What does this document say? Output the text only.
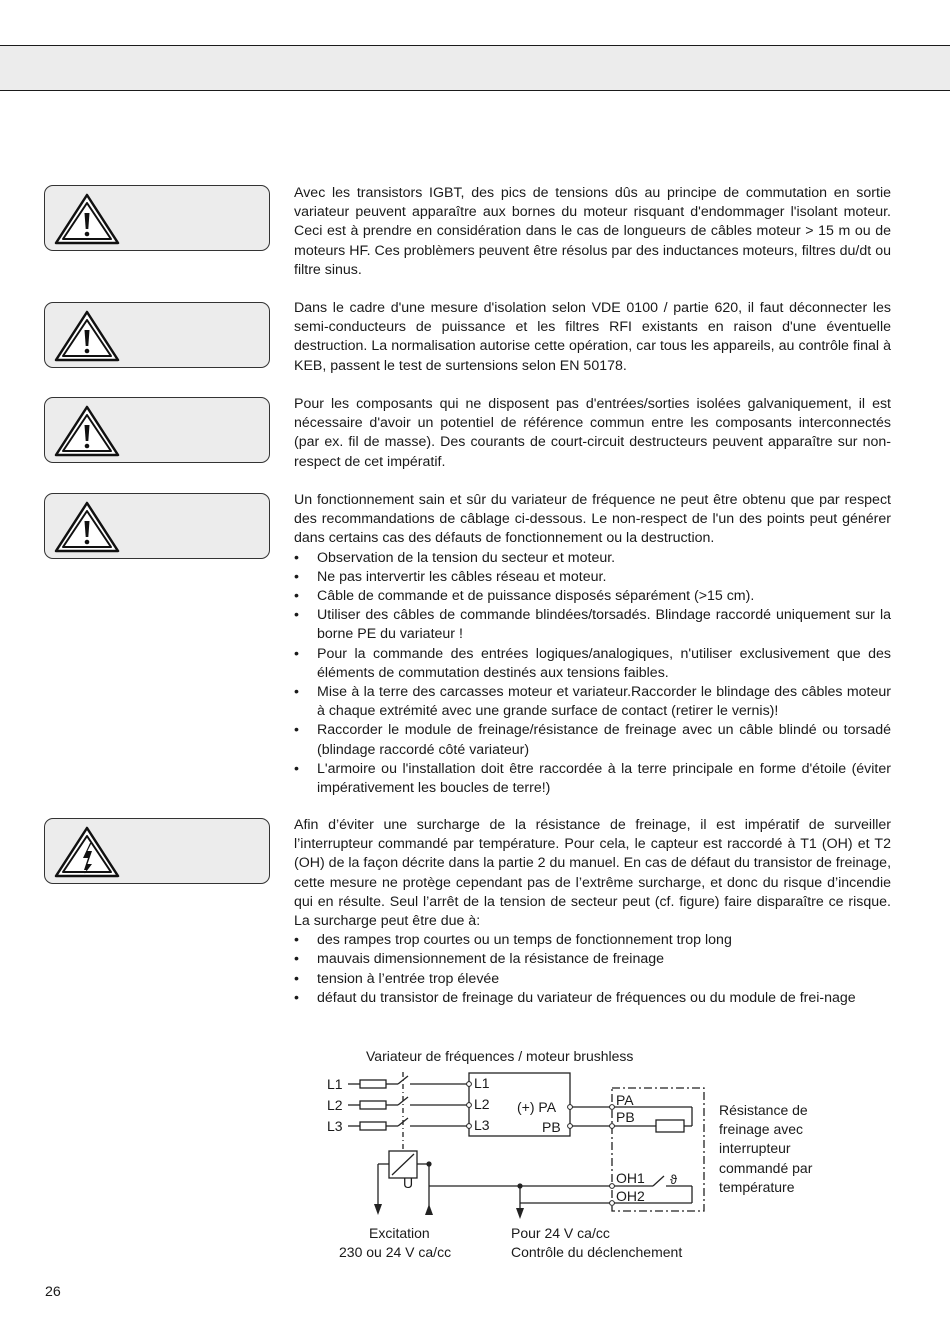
Avec les transistors IGBT, des pics de tensions dûs au principe de commutation en sortie variateur peuvent apparaître aux bornes du moteur risquant d'endommager l'isolant moteur. Ceci est à prendre en considération dans le cas de longueurs de câbles moteur > 15 m ou de moteurs HF. Ces problèmers peuvent être résolus par des inductances moteurs, filtres du/dt ou filtre sinus.

Dans le cadre d'une mesure d'isolation selon VDE 0100 / partie 620, il faut déconnecter les semi-conducteurs de puissance et les filtres RFI existants en raison d'une éventuelle destruction. La normalisation autorise cette opération, car tous les appareils, au contrôle final à KEB, passent le test de surtensions selon EN 50178.

Pour les composants qui ne disposent pas d'entrées/sorties isolées galvaniquement, il est nécessaire d'avoir un potentiel de référence commun entre les composants interconnectés (par ex. fil de masse). Des courants de court-circuit destructeurs peuvent apparaître sur non-respect de cet impératif.

Un fonctionnement sain et sûr du variateur de fréquence ne peut être obtenu que par respect des recommandations de câblage ci-dessous. Le non-respect de l'un des points peut générer dans certains cas des défauts de fonctionnement ou la destruction.

• Observation de la tension du secteur et moteur.
• Ne pas intervertir les câbles réseau et moteur.
• Câble de commande et de puissance disposés séparément (>15 cm).
• Utiliser des câbles de commande blindées/torsadés. Blindage raccordé uniquement sur la borne PE du variateur !
• Pour la commande des entrées logiques/analogiques, n'utiliser exclusivement que des éléments de commutation destinés aux tensions faibles.
• Mise à la terre des carcasses moteur et variateur.Raccorder le blindage des câbles moteur à chaque extrémité avec une grande surface de contact (retirer le vernis)!
• Raccorder le module de freinage/résistance de freinage avec un câble blindé ou torsadé (blindage raccordé côté variateur)
• L'armoire ou l'installation doit être raccordée à la terre principale en forme d'étoile (éviter impérativement les boucles de terre!)

Afin d’éviter une surcharge de la résistance de freinage, il est impératif de surveiller l’interrupteur commandé par température. Pour cela, le capteur est raccordé à T1 (OH) et T2 (OH) de la façon décrite dans la partie 2 du manuel. En cas de défaut du transistor de freinage, cette mesure ne protège cependant pas de l’extrême surcharge, et donc du risque d’incendie qui en résulte. Seul l’arrêt de la tension de secteur peut (cf. figure) faire disparaître ce risque. La surcharge peut être due à:

• des rampes trop courtes ou un temps de fonctionnement trop long
• mauvais dimensionnement de la résistance de freinage
• tension à l’entrée trop élevée
• défaut du transistor de freinage du variateur de fréquences ou du module de frei-nage
Variateur de fréquences / moteur brushless
L1
L2
L3
L1
L2
L3
(+) PA
PB
PA
PB
OH1
OH2
ϑ
U
Résistance de
freinage avec
interrupteur
commandé par
température
Excitation
230 ou 24 V ca/cc
Pour 24 V ca/cc
Contrôle du déclenchement
26
